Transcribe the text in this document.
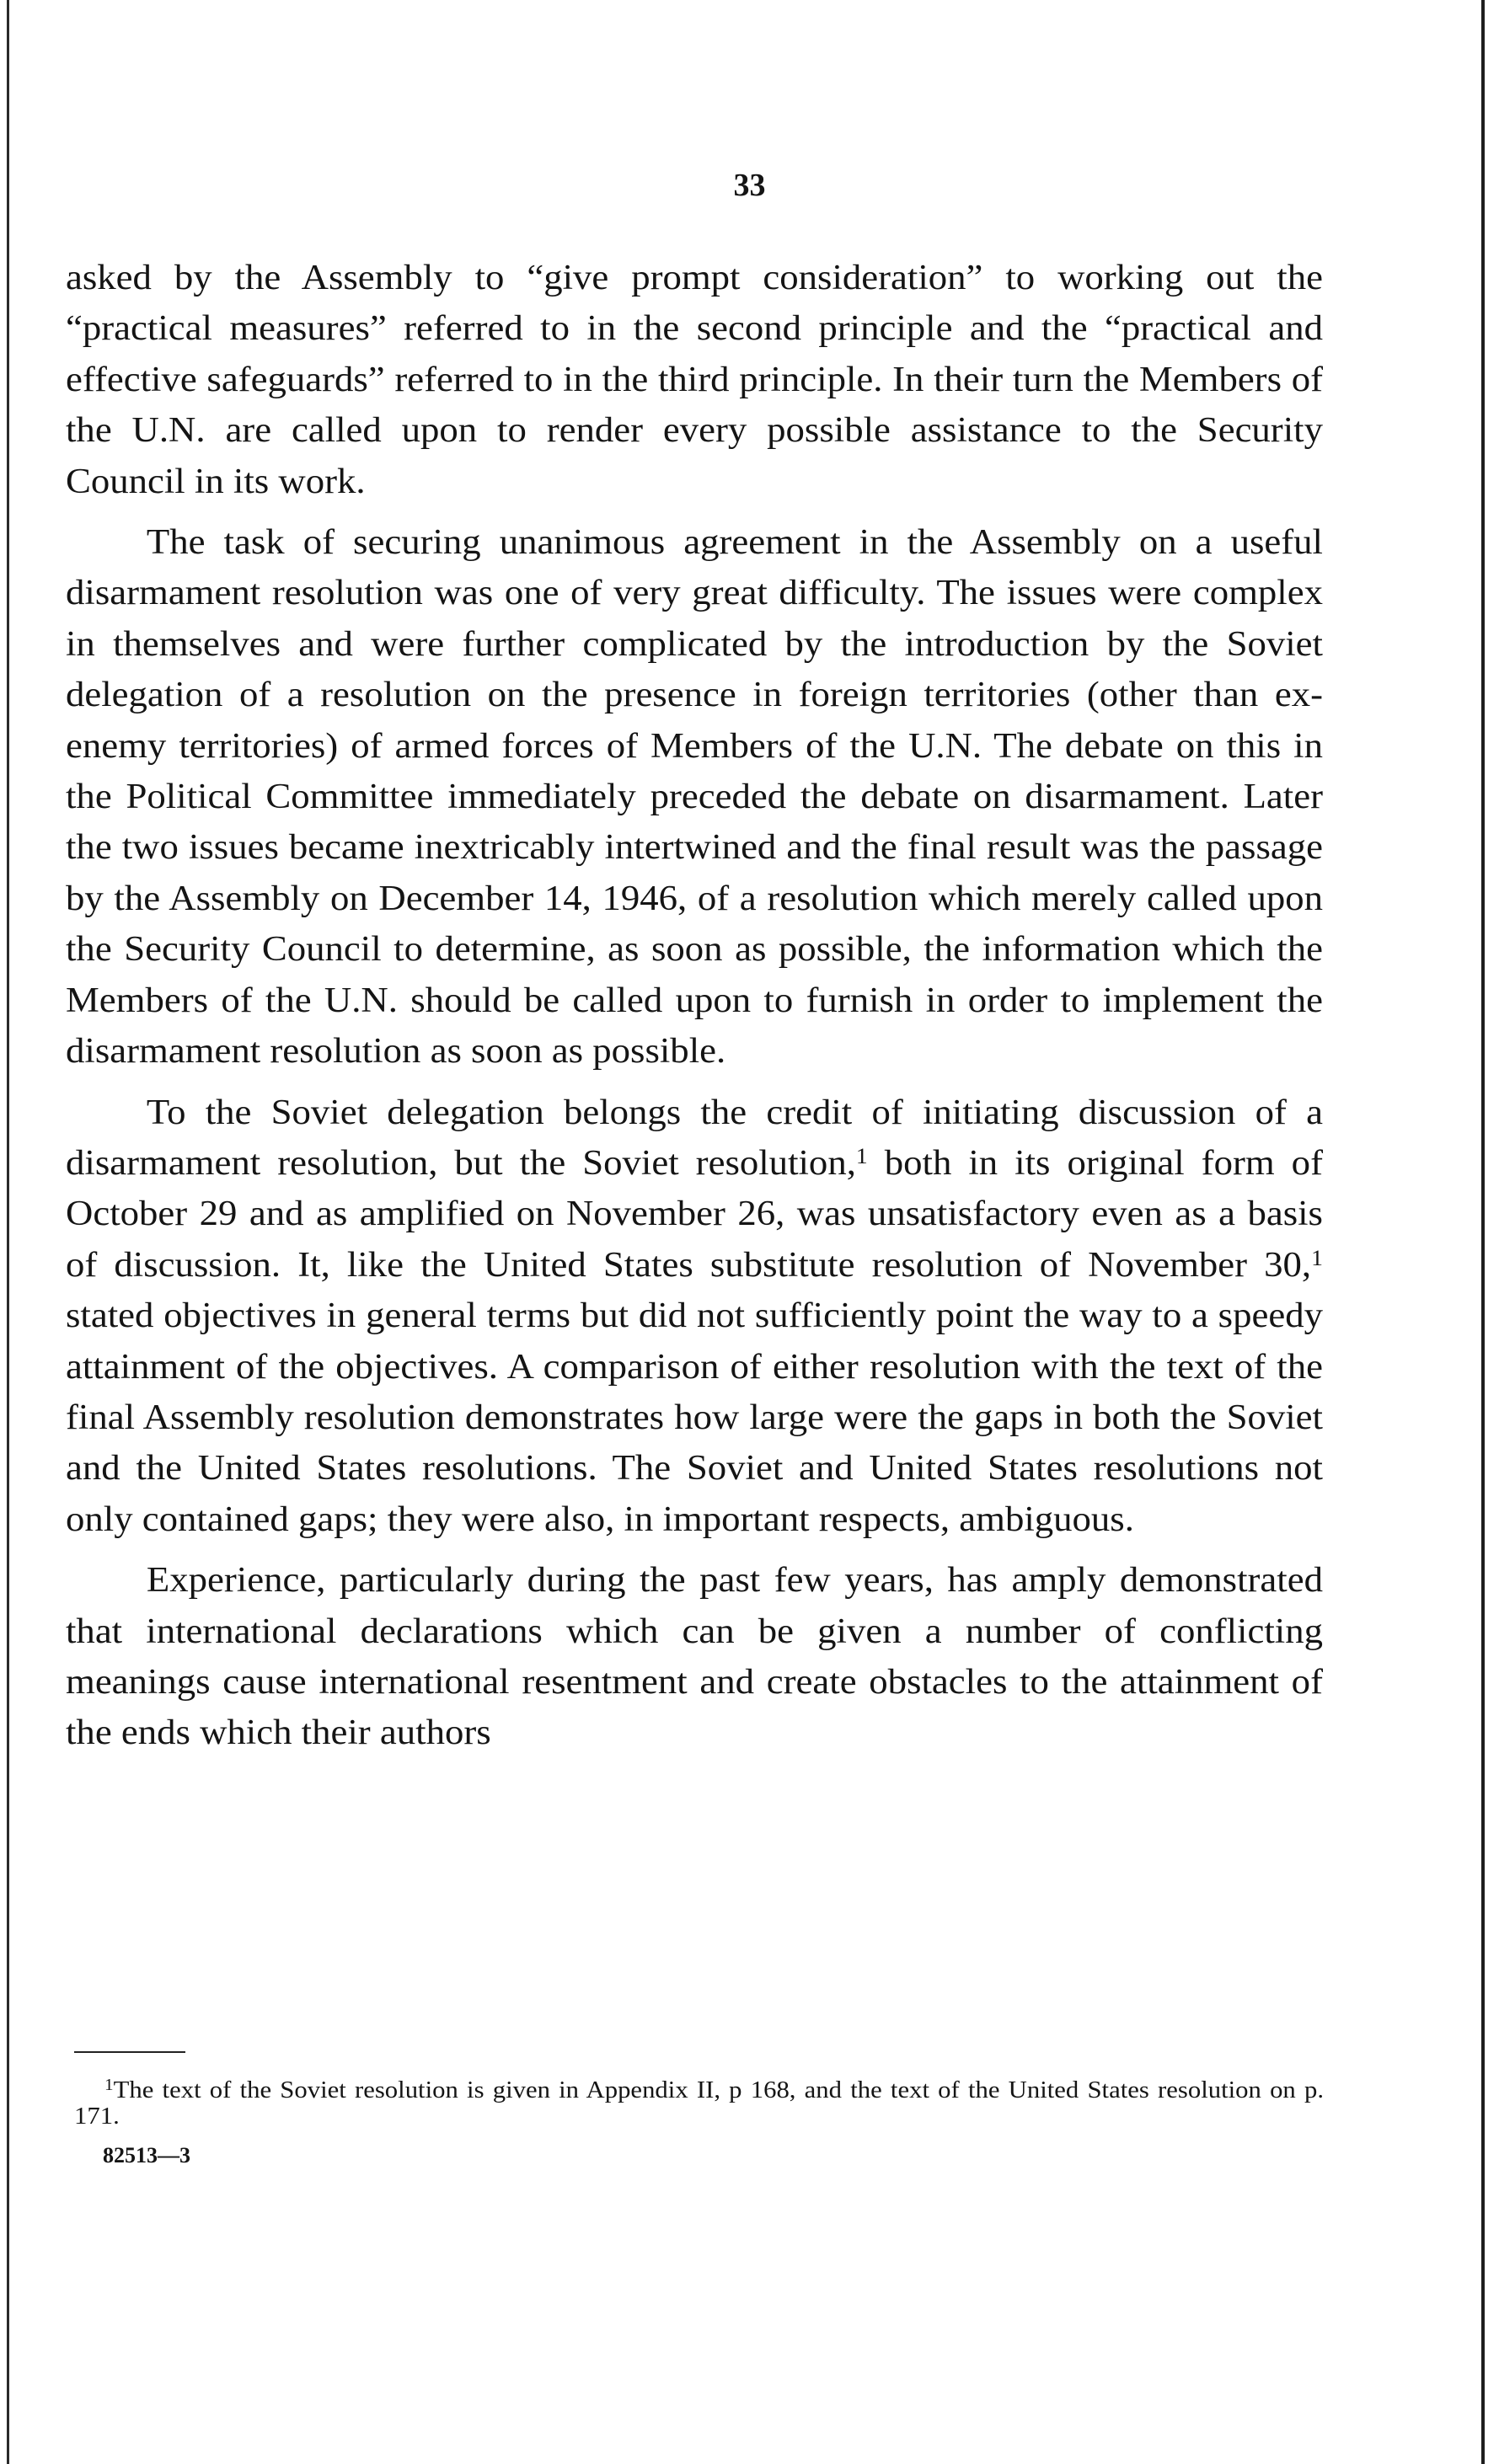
33

asked by the Assembly to “give prompt consideration” to working out the “practical measures” referred to in the second principle and the “practical and effective safeguards” referred to in the third principle. In their turn the Members of the U.N. are called upon to render every possible assistance to the Security Council in its work.

The task of securing unanimous agreement in the Assembly on a useful disarmament resolution was one of very great difficulty. The issues were complex in themselves and were further complicated by the introduction by the Soviet delegation of a resolution on the presence in foreign territories (other than ex-enemy territories) of armed forces of Members of the U.N. The debate on this in the Political Committee immediately preceded the debate on disarmament. Later the two issues became inextricably intertwined and the final result was the passage by the Assembly on December 14, 1946, of a resolution which merely called upon the Security Council to determine, as soon as possible, the information which the Members of the U.N. should be called upon to furnish in order to implement the disarmament resolution as soon as possible.

To the Soviet delegation belongs the credit of initiating discussion of a disarmament resolution, but the Soviet resolution,$^1$ both in its original form of October 29 and as amplified on November 26, was unsatisfactory even as a basis of discussion. It, like the United States substitute resolution of November 30,$^1$ stated objectives in general terms but did not sufficiently point the way to a speedy attainment of the objectives. A comparison of either resolution with the text of the final Assembly resolution demonstrates how large were the gaps in both the Soviet and the United States resolutions. The Soviet and United States resolutions not only contained gaps; they were also, in important respects, ambiguous.

Experience, particularly during the past few years, has amply demonstrated that international declarations which can be given a number of conflicting meanings cause international resentment and create obstacles to the attainment of the ends which their authors

$^1$The text of the Soviet resolution is given in Appendix II, p 168, and the text of the United States resolution on p. 171.

82513—3
